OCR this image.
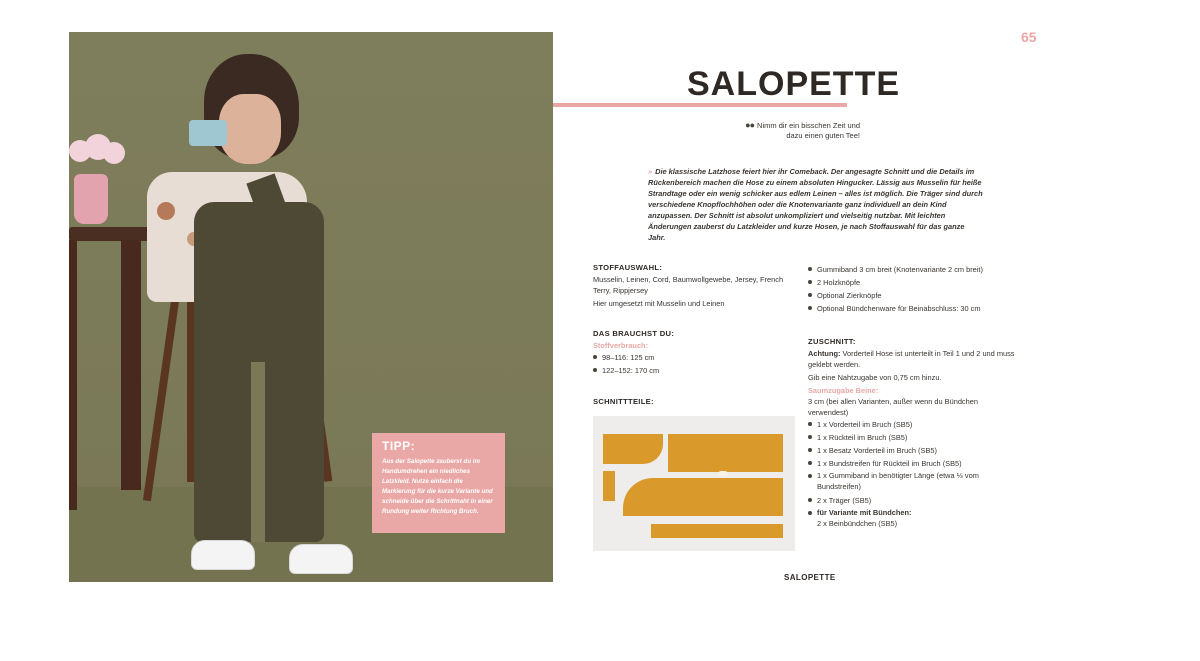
TIPP:
Aus der Salopette zauberst du im Handumdrehen ein niedliches Latzkleid. Nutze einfach die Markierung für die kurze Variante und schneide über die Schrittnaht in einer Rundung weiter Richtung Bruch.
65
SALOPETTE
●● Nimm dir ein bisschen Zeit und dazu einen guten Tee!
» Die klassische Latzhose feiert hier ihr Comeback. Der angesagte Schnitt und die Details im Rückenbereich machen die Hose zu einem absoluten Hingucker. Lässig aus Musselin für heiße Strandtage oder ein wenig schicker aus edlem Leinen – alles ist möglich. Die Träger sind durch verschiedene Knopflochhöhen oder die Knotenvariante ganz individuell an dein Kind anzupassen. Der Schnitt ist absolut unkompliziert und vielseitig nutzbar. Mit leichten Änderungen zauberst du Latzkleider und kurze Hosen, je nach Stoffauswahl für das ganze Jahr.
STOFFAUSWAHL:
Musselin, Leinen, Cord, Baumwollgewebe, Jersey, French Terry, Rippjersey
Hier umgesetzt mit Musselin und Leinen
DAS BRAUCHST DU:
Stoffverbrauch:
98–116: 125 cm
122–152: 170 cm
SCHNITTTEILE:
Gummiband 3 cm breit (Knotenvariante 2 cm breit)
2 Holzknöpfe
Optional Zierknöpfe
Optional Bündchenware für Beinabschluss: 30 cm
ZUSCHNITT:
Achtung: Vorderteil Hose ist unterteilt in Teil 1 und 2 und muss geklebt werden.
Gib eine Nahtzugabe von 0,75 cm hinzu.
Saumzugabe Beine:
3 cm (bei allen Varianten, außer wenn du Bündchen verwendest)
1 x Vorderteil im Bruch (SB5)
1 x Rückteil im Bruch (SB5)
1 x Besatz Vorderteil im Bruch (SB5)
1 x Bundstreifen für Rückteil im Bruch (SB5)
1 x Gummiband in benötigter Länge (etwa ⅓ vom Bundstreifen)
2 x Träger (SB5)
für Variante mit Bündchen:
2 x Beinbündchen (SB5)
SALOPETTE
